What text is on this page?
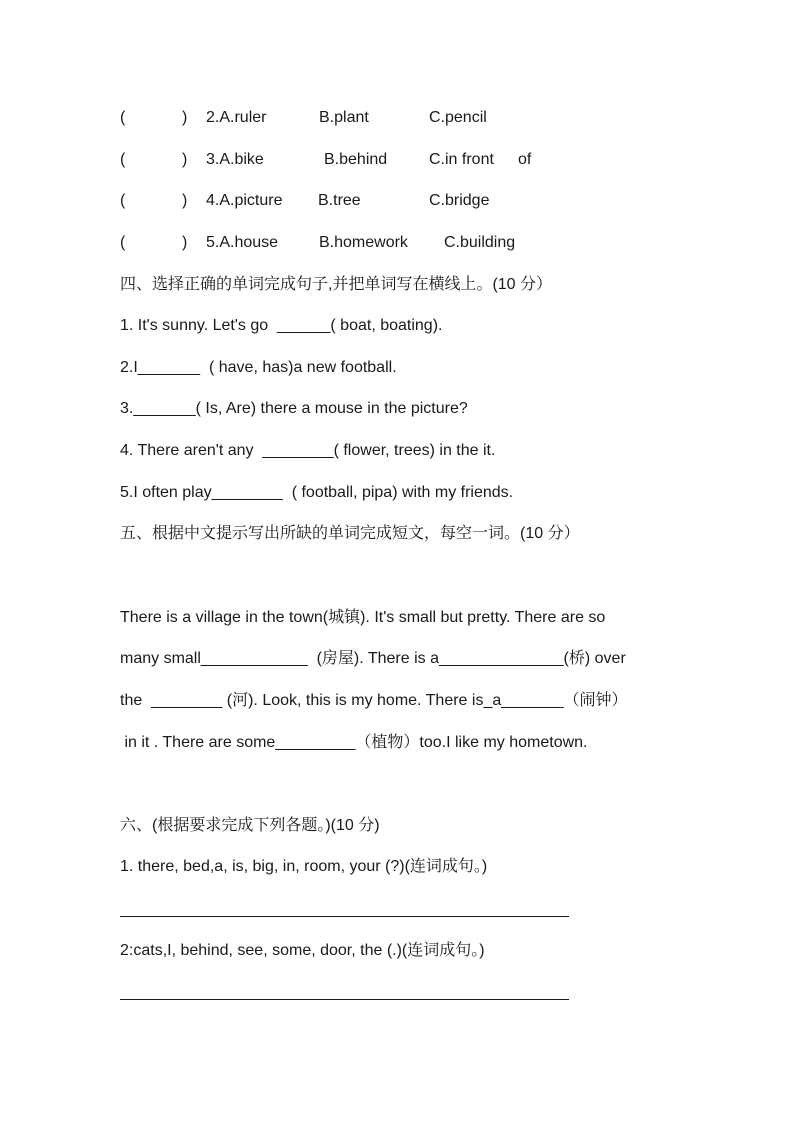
(	) 2.A.ruler	B.plant	C.pencil
(	) 3.A.bike	B.behind	C.in front of
(	) 4.A.picture B.tree	C.bridge
(	) 5.A.house	B.homework C.building
四、选择正确的单词完成句子,并把单词写在横线上。(10 分）
1. It's sunny. Let's go  ______( boat, boating).
2.I_______  ( have, has)a new football.
3._______( Is, Are) there a mouse in the picture?
4. There aren't any  ________( flower, trees) in the it.
5.I often play________  ( football, pipa) with my friends.
五、根据中文提示写出所缺的单词完成短文，每空一词。(10 分）
There is a village in the town(城镇). It's small but pretty. There are so
many small____________  (房屋). There is a______________(桥) over
the  ________ (河). Look, this is my home. There is_a_______（闹钟）
in it . There are some_________（植物）too.I like my hometown.
六、(根据要求完成下列各题。)(10 分)
1. there, bed,a, is, big, in, room, your (?)(连词成句。)
2:cats,I, behind, see, some, door, the (.)(连词成句。)
